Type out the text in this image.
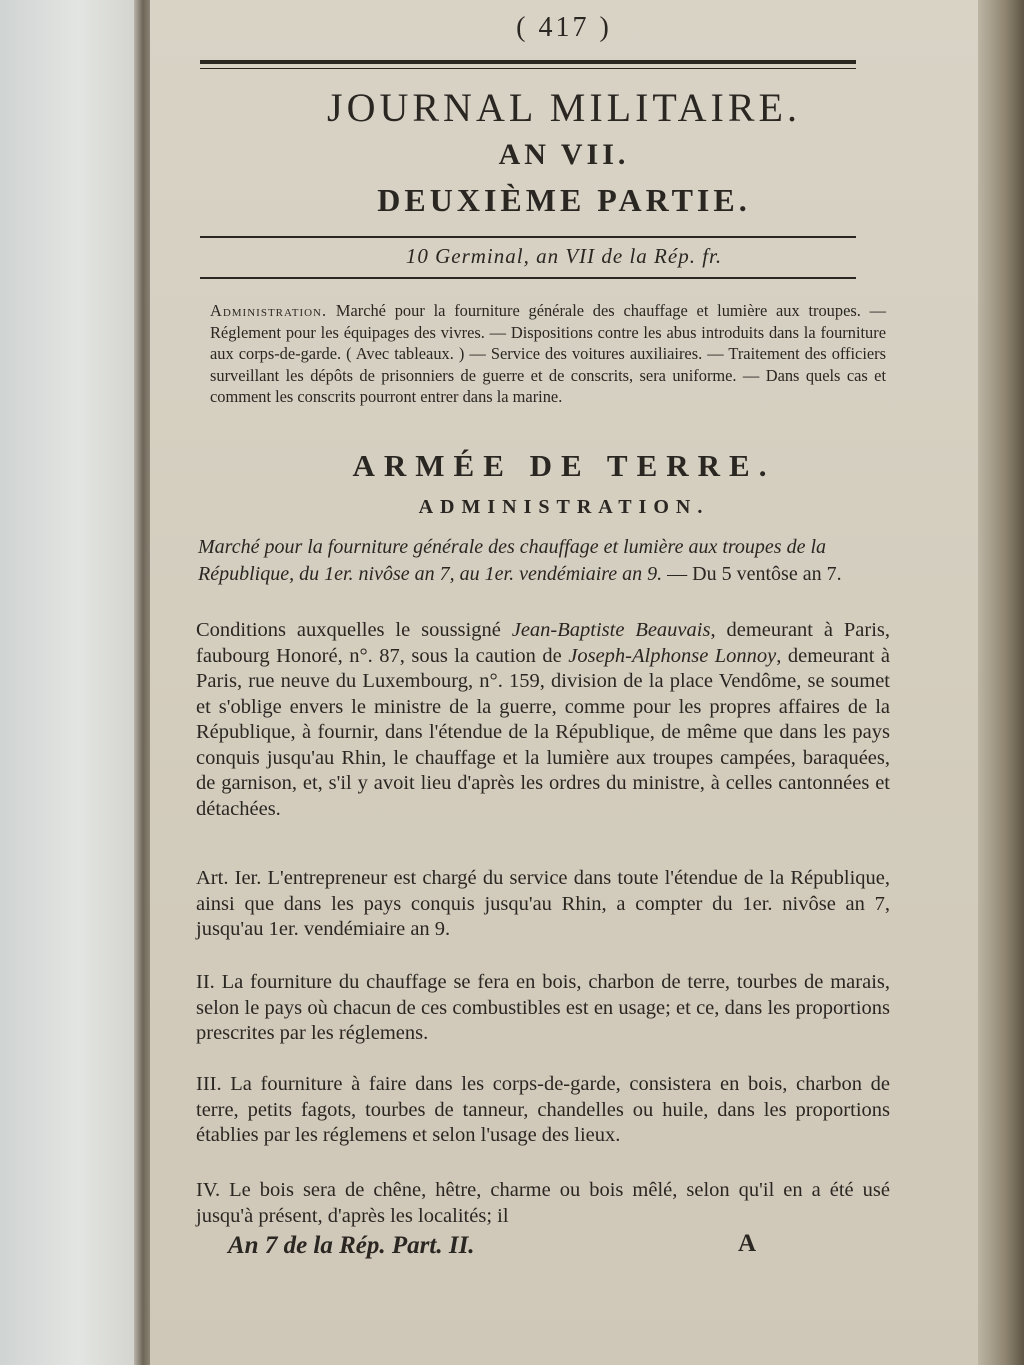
( 417 )
JOURNAL MILITAIRE.
AN VII.
DEUXIÈME PARTIE.
10 Germinal, an VII de la Rép. fr.

Administration. Marché pour la fourniture générale des chauffage et lumière aux troupes. — Réglement pour les équipages des vivres. — Dispositions contre les abus introduits dans la fourniture aux corps-de-garde. ( Avec tableaux. ) — Service des voitures auxiliaires. — Traitement des officiers surveillant les dépôts de prisonniers de guerre et de conscrits, sera uniforme. — Dans quels cas et comment les conscrits pourront entrer dans la marine.

ARMÉE DE TERRE.
ADMINISTRATION.

Marché pour la fourniture générale des chauffage et lumière aux troupes de la République, du 1er. nivôse an 7, au 1er. vendémiaire an 9. — Du 5 ventôse an 7.

Conditions auxquelles le soussigné Jean-Baptiste Beauvais, demeurant à Paris, faubourg Honoré, n°. 87, sous la caution de Joseph-Alphonse Lonnoy, demeurant à Paris, rue neuve du Luxembourg, n°. 159, division de la place Vendôme, se soumet et s'oblige envers le ministre de la guerre, comme pour les propres affaires de la République, à fournir, dans l'étendue de la République, de même que dans les pays conquis jusqu'au Rhin, le chauffage et la lumière aux troupes campées, baraquées, de garnison, et, s'il y avoit lieu d'après les ordres du ministre, à celles cantonnées et détachées.

Art. Ier. L'entrepreneur est chargé du service dans toute l'étendue de la République, ainsi que dans les pays conquis jusqu'au Rhin, a compter du 1er. nivôse an 7, jusqu'au 1er. vendémiaire an 9.

II. La fourniture du chauffage se fera en bois, charbon de terre, tourbes de marais, selon le pays où chacun de ces combustibles est en usage; et ce, dans les proportions prescrites par les réglemens.

III. La fourniture à faire dans les corps-de-garde, consistera en bois, charbon de terre, petits fagots, tourbes de tanneur, chandelles ou huile, dans les proportions établies par les réglemens et selon l'usage des lieux.

IV. Le bois sera de chêne, hêtre, charme ou bois mêlé, selon qu'il en a été usé jusqu'à présent, d'après les localités; il

An 7 de la Rép. Part. II.	A
